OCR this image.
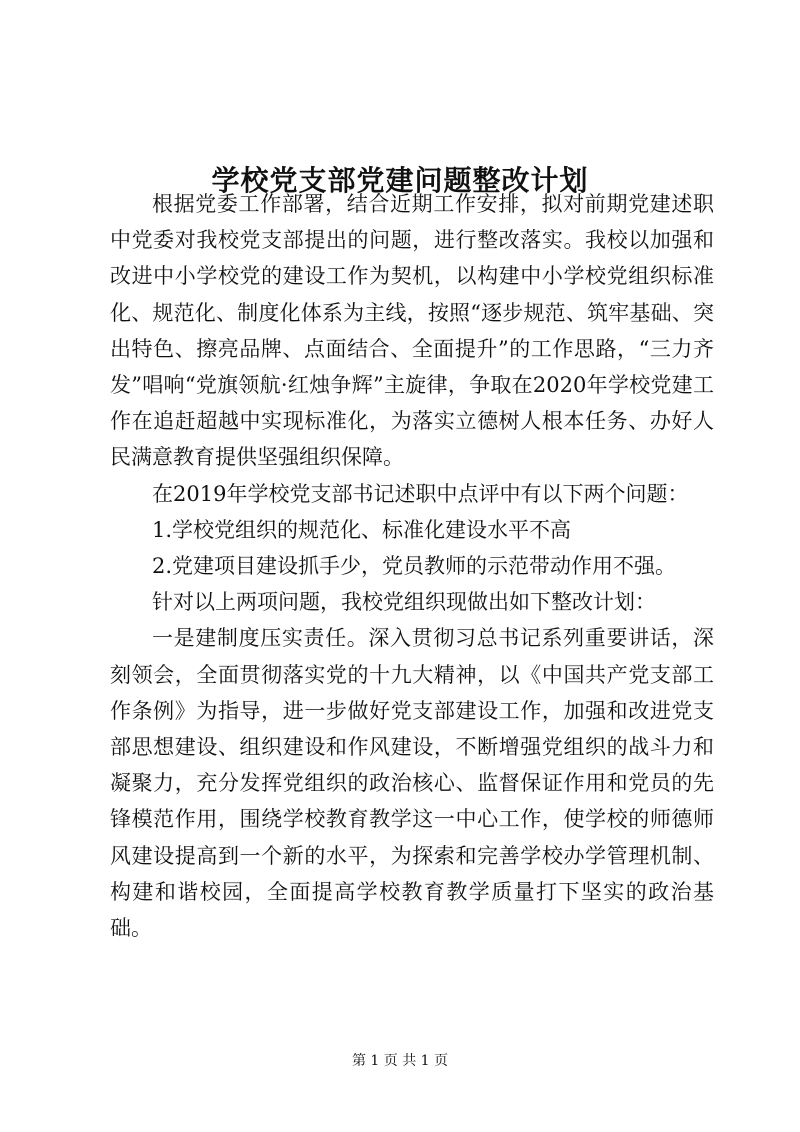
学校党支部党建问题整改计划

根据党委工作部署，结合近期工作安排，拟对前期党建述职中党委对我校党支部提出的问题，进行整改落实。我校以加强和改进中小学校党的建设工作为契机，以构建中小学校党组织标准化、规范化、制度化体系为主线，按照“逐步规范、筑牢基础、突出特色、擦亮品牌、点面结合、全面提升”的工作思路，“三力齐发”唱响“党旗领航·红烛争辉”主旋律，争取在2020年学校党建工作在追赶超越中实现标准化，为落实立德树人根本任务、办好人民满意教育提供坚强组织保障。

在2019年学校党支部书记述职中点评中有以下两个问题：

1.学校党组织的规范化、标准化建设水平不高

2.党建项目建设抓手少，党员教师的示范带动作用不强。

针对以上两项问题，我校党组织现做出如下整改计划：

一是建制度压实责任。深入贯彻习总书记系列重要讲话，深刻领会，全面贯彻落实党的十九大精神，以《中国共产党支部工作条例》为指导，进一步做好党支部建设工作，加强和改进党支部思想建设、组织建设和作风建设，不断增强党组织的战斗力和凝聚力，充分发挥党组织的政治核心、监督保证作用和党员的先锋模范作用，围绕学校教育教学这一中心工作，使学校的师德师风建设提高到一个新的水平，为探索和完善学校办学管理机制、构建和谐校园，全面提高学校教育教学质量打下坚实的政治基础。

第 1 页 共 1 页
